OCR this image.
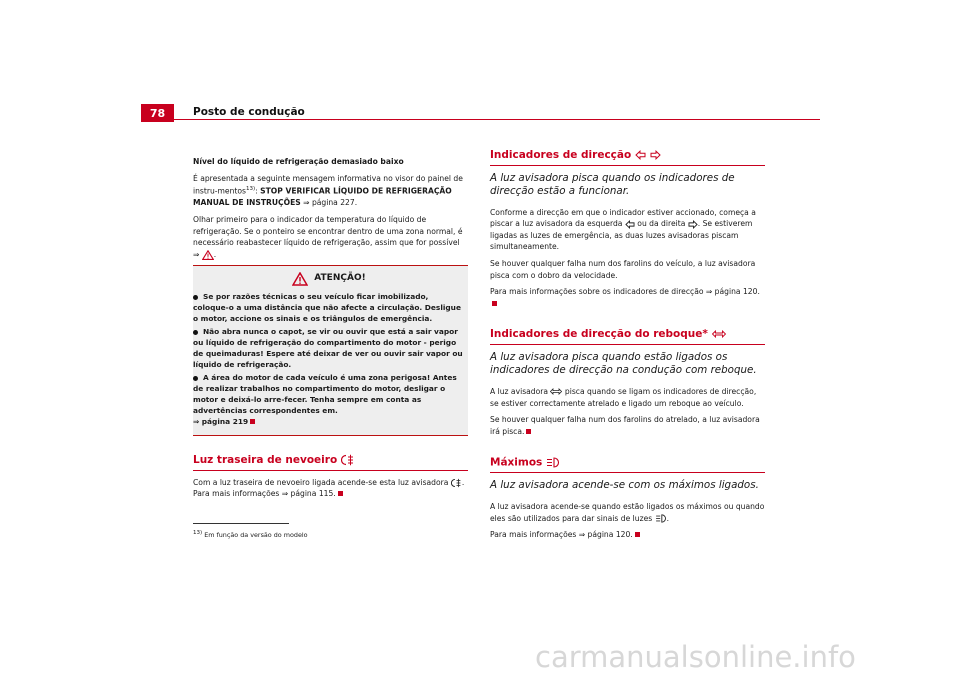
78	Posto de condução

Nível do líquido de refrigeração demasiado baixo

É apresentada a seguinte mensagem informativa no visor do painel de instru-mentos$^{13)}$: STOP VERIFICAR LÍQUIDO DE REFRIGERAÇÃO MANUAL DE INSTRUÇÕES ⇒ página 227.

Olhar primeiro para o indicador da temperatura do líquido de refrigeração. Se o ponteiro se encontrar dentro de uma zona normal, é necessário reabastecer líquido de refrigeração, assim que for possível ⇒ .

ATENÇÃO!
Se por razões técnicas o seu veículo ficar imobilizado, coloque-o a uma distância que não afecte a circulação. Desligue o motor, accione os sinais e os triângulos de emergência.
Não abra nunca o capot, se vir ou ouvir que está a sair vapor ou líquido de refrigeração do compartimento do motor - perigo de queimaduras! Espere até deixar de ver ou ouvir sair vapor ou líquido de refrigeração.
A área do motor de cada veículo é uma zona perigosa! Antes de realizar trabalhos no compartimento do motor, desligar o motor e deixá-lo arre-fecer. Tenha sempre em conta as advertências correspondentes em.
⇒ página 219
Luz traseira de nevoeiro

Com a luz traseira de nevoeiro ligada acende-se esta luz avisadora . Para mais informações ⇒ página 115.

Indicadores de direcção

A luz avisadora pisca quando os indicadores de direcção estão a funcionar.

Conforme a direcção em que o indicador estiver accionado, começa a piscar a luz avisadora da esquerda ou da direita . Se estiverem ligadas as luzes de emergência, as duas luzes avisadoras piscam simultaneamente.

Se houver qualquer falha num dos farolins do veículo, a luz avisadora pisca com o dobro da velocidade.

Para mais informações sobre os indicadores de direcção ⇒ página 120.

Indicadores de direcção do reboque*

A luz avisadora pisca quando estão ligados os indicadores de direcção na condução com reboque.

A luz avisadora pisca quando se ligam os indicadores de direcção, se estiver correctamente atrelado e ligado um reboque ao veículo.

Se houver qualquer falha num dos farolins do atrelado, a luz avisadora irá pisca.

Máximos

A luz avisadora acende-se com os máximos ligados.

A luz avisadora acende-se quando estão ligados os máximos ou quando eles são utilizados para dar sinais de luzes .

Para mais informações ⇒ página 120.

$^{13)}$ Em função da versão do modelo
carmanualsonline.info
